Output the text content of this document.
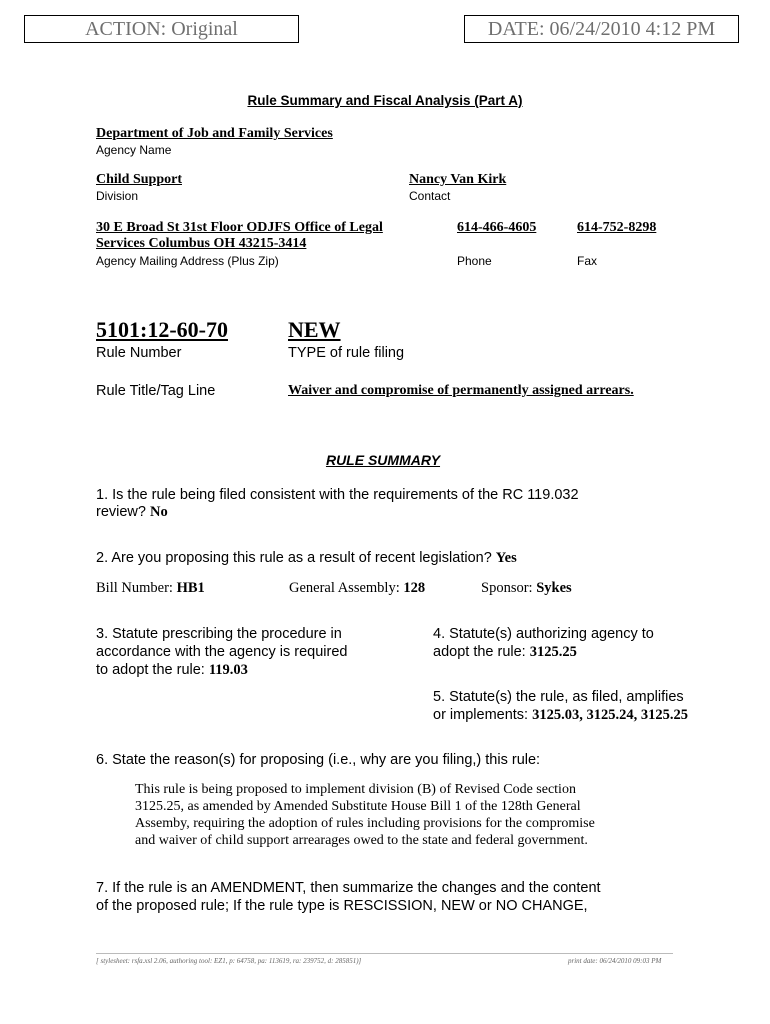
ACTION: Original	DATE: 06/24/2010 4:12 PM
Rule Summary and Fiscal Analysis (Part A)
Department of Job and Family Services
Agency Name
Child Support
Division
Nancy Van Kirk
Contact
30 E Broad St 31st Floor ODJFS Office of Legal
Services Columbus OH 43215-3414
Agency Mailing Address (Plus Zip)
614-466-4605
Phone
614-752-8298
Fax
5101:12-60-70
Rule Number
NEW
TYPE of rule filing
Rule Title/Tag Line	Waiver and compromise of permanently assigned arrears.
RULE SUMMARY
1. Is the rule being filed consistent with the requirements of the RC 119.032
review? No
2. Are you proposing this rule as a result of recent legislation? Yes
Bill Number: HB1	General Assembly: 128	Sponsor: Sykes
3. Statute prescribing the procedure in
accordance with the agency is required
to adopt the rule: 119.03
4. Statute(s) authorizing agency to
adopt the rule: 3125.25
5. Statute(s) the rule, as filed, amplifies
or implements: 3125.03, 3125.24, 3125.25
6. State the reason(s) for proposing (i.e., why are you filing,) this rule:
This rule is being proposed to implement division (B) of Revised Code section
3125.25, as amended by Amended Substitute House Bill 1 of the 128th General
Assemby, requiring the adoption of rules including provisions for the compromise
and waiver of child support arrearages owed to the state and federal government.
7. If the rule is an AMENDMENT, then summarize the changes and the content
of the proposed rule; If the rule type is RESCISSION, NEW or NO CHANGE,
[ stylesheet: rsfa.xsl 2.06, authoring tool: EZ1, p: 64758, pa: 113619, ra: 239752, d: 285851)]	print date: 06/24/2010 09:03 PM
